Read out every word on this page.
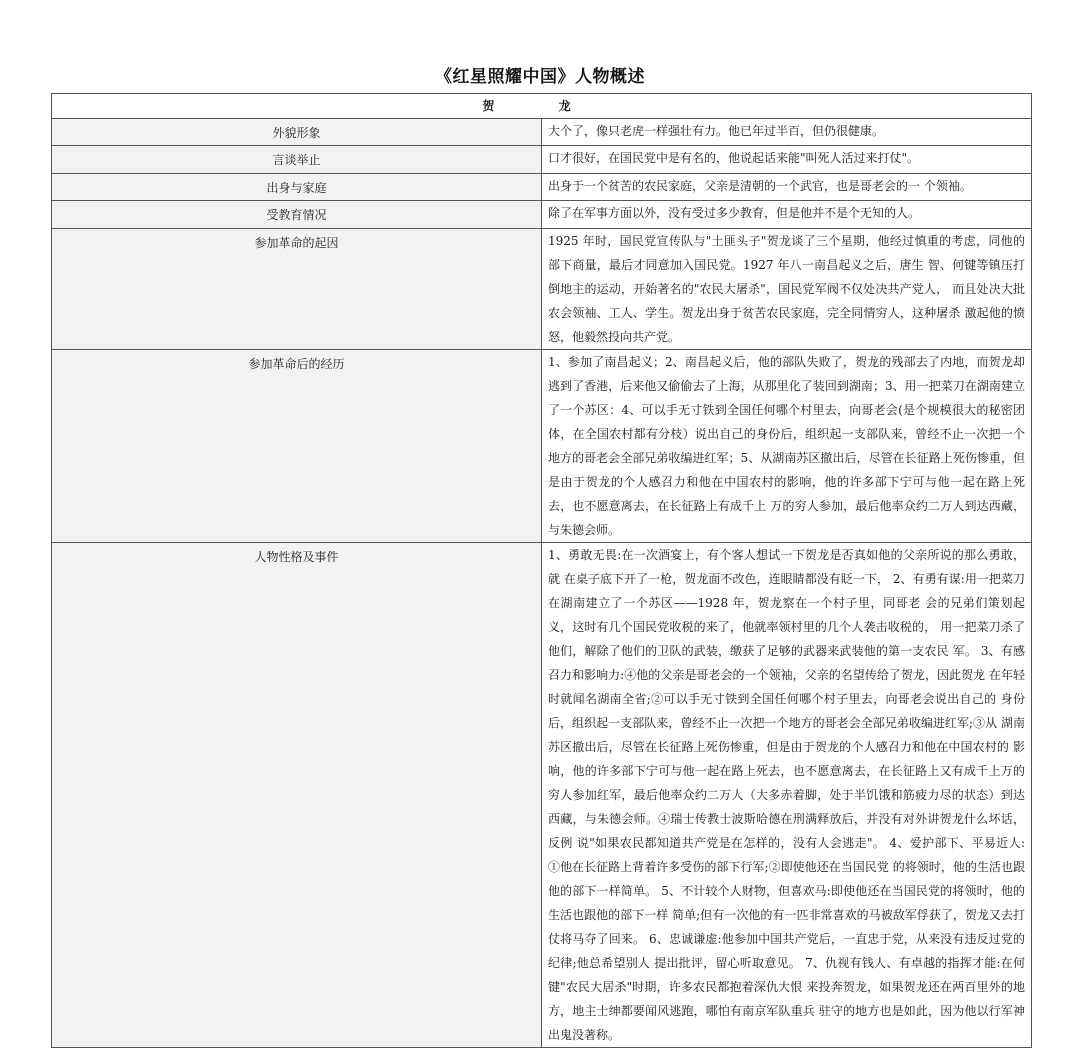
《红星照耀中国》人物概述
贺 龙	

外貌形象	大个了，像只老虎一样强壮有力。他已年过半百，但仍很健康。

言谈举止	口才很好，在国民党中是有名的，他说起话来能"叫死人活过来打仗"。

出身与家庭	出身于一个贫苦的农民家庭，父亲是清朝的一个武官，也是哥老会的一 个领袖。

受教育情况	除了在军事方面以外，没有受过多少教育，但是他并不是个无知的人。

参加革命的起因	1925 年时，国民党宣传队与"土匪头子"贺龙谈了三个星期，他经过慎重的考虑，同他的部下商量，最后才同意加入国民党。1927 年八一南昌起义之后，唐生 智、何键等镇压打倒地主的运动，开始著名的"农民大屠杀"，国民党军阀不仅处决共产党人， 而且处决大批农会领袖、工人、学生。贺龙出身于贫苦农民家庭，完全同情穷人，这种屠杀 激起他的愤怒，他毅然投向共产党。

参加革命后的经历	1、参加了南昌起义；2、南昌起义后，他的部队失败了，贺龙的残部去了内地，而贺龙却逃到了香港，后来他又偷偷去了上海，从那里化了装回到湖南；3、用一把菜刀在湖南建立了一个苏区：4、可以手无寸铁到全国任何哪个村里去，向哥老会(是个规模很大的秘密团体，在全国农村都有分枝）说出自己的身份后，组织起一支部队来，曾经不止一次把一个地方的哥老会全部兄弟收编进红军；5、从湖南苏区撤出后，尽管在长征路上死伤惨重，但是由于贺龙的个人感召力和他在中国农村的影响，他的许多部下宁可与他一起在路上死去，也不愿意离去，在长征路上有成千上 万的穷人参加，最后他率众约二万人到达西藏，与朱德会师。

人物性格及事件	1、勇敢无畏:在一次酒宴上，有个客人想试一下贺龙是否真如他的父亲所说的那么勇敢，就 在桌子底下开了一枪，贺龙面不改色，连眼睛都没有眨一下， 2、有勇有谋:用一把菜刀在湖南建立了一个苏区——1928 年，贺龙察在一个村子里，同哥老 会的兄弟们策划起义，这时有几个国民党收税的来了，他就率领村里的几个人袭击收税的， 用一把菜刀杀了他们，解除了他们的卫队的武装，缴获了足够的武器来武装他的第一支农民 军。 3、有感召力和影响力:④他的父亲是哥老会的一个领袖，父亲的名望传给了贺龙，因此贺龙 在年轻时就闻名湖南全省;②可以手无寸铁到全国任何哪个村子里去，向哥老会说出自己的 身份后，组织起一支部队来，曾经不止一次把一个地方的哥老会全部兄弟收编进红军;③从 湖南苏区撤出后，尽管在长征路上死伤惨重，但是由于贺龙的个人感召力和他在中国农村的 影响，他的许多部下宁可与他一起在路上死去，也不愿意离去，在长征路上又有成千上万的 穷人参加红军，最后他率众约二万人（大多赤着脚，处于半饥饿和筋疲力尽的状态）到达西藏，与朱德会师。④瑞士传教士波斯哈德在刑满释放后，并没有对外讲贺龙什么坏话，反例 说"如果农民都知道共产党是在怎样的，没有人会逃走"。 4、爱护部下、平易近人: ①他在长征路上背着许多受伤的部下行军;②即使他还在当国民党 的将领时，他的生活也跟他的部下一样简单。 5、不计较个人财物，但喜欢马:即使他还在当国民党的将领时，他的生活也跟他的部下一样 简单;但有一次他的有一匹非常喜欢的马被敌军俘获了，贺龙又去打仗将马夺了回来。 6、忠诚谦虚:他参加中国共产党后，一直忠于党，从来没有违反过党的纪律;他总希望别人 提出批评，留心听取意见。 7、仇视有钱人、有卓越的指挥才能:在何键"农民大居杀"时期，许多农民都抱着深仇大恨 来投奔贺龙，如果贺龙还在两百里外的地方，地主士绅都要闻风逃跑，哪怕有南京军队重兵 驻守的地方也是如此，因为他以行军神出鬼没著称。
